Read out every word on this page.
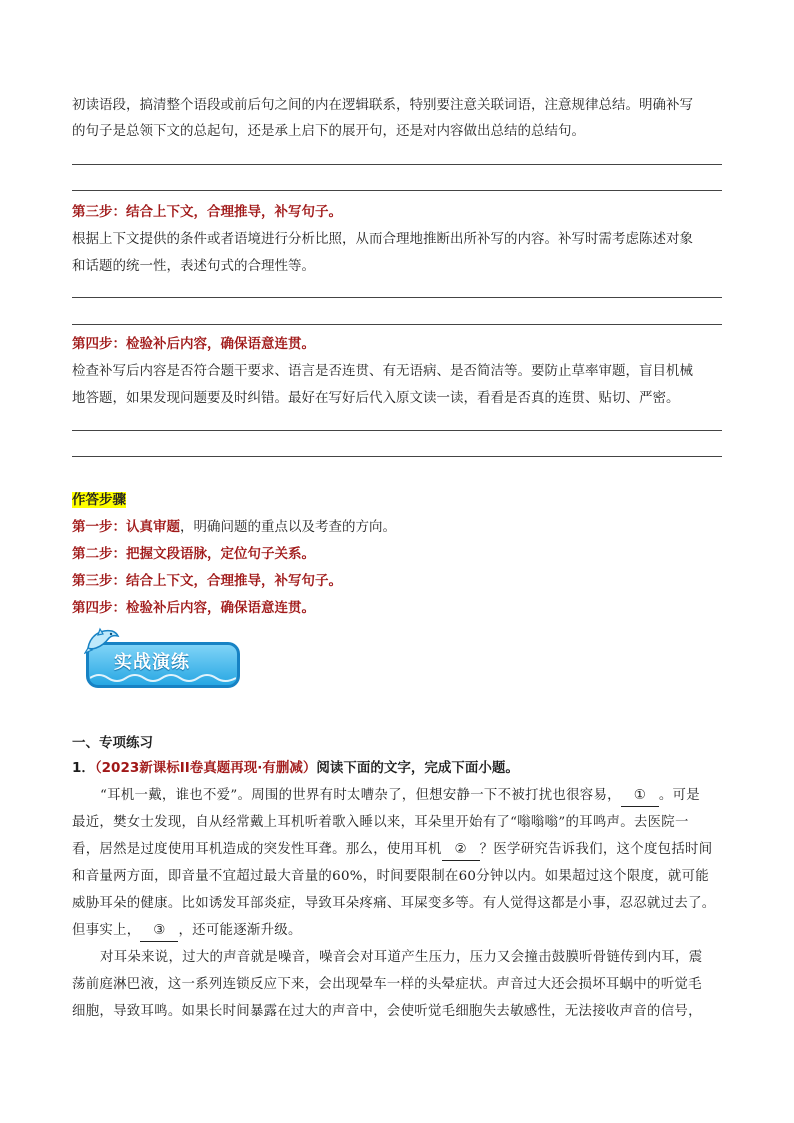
初读语段，搞清整个语段或前后句之间的内在逻辑联系，特别要注意关联词语，注意规律总结。明确补写
的句子是总领下文的总起句，还是承上启下的展开句，还是对内容做出总结的总结句。
第三步：结合上下文，合理推导，补写句子。
根据上下文提供的条件或者语境进行分析比照，从而合理地推断出所补写的内容。补写时需考虑陈述对象
和话题的统一性，表述句式的合理性等。
第四步：检验补后内容，确保语意连贯。
检查补写后内容是否符合题干要求、语言是否连贯、有无语病、是否简洁等。要防止草率审题，盲目机械
地答题，如果发现问题要及时纠错。最好在写好后代入原文读一读，看看是否真的连贯、贴切、严密。
作答步骤
第一步：认真审题，明确问题的重点以及考查的方向。
第二步：把握文段语脉，定位句子关系。
第三步：结合上下文，合理推导，补写句子。
第四步：检验补后内容，确保语意连贯。
实战演练
一、专项练习
1．（2023新课标II卷真题再现·有删减）阅读下面的文字，完成下面小题。
“耳机一戴，谁也不爱”。周围的世界有时太嘈杂了，但想安静一下不被打扰也很容易， ① 。可是
最近，樊女士发现，自从经常戴上耳机听着歌入睡以来，耳朵里开始有了“嗡嗡嗡”的耳鸣声。去医院一
看，居然是过度使用耳机造成的突发性耳聋。那么，使用耳机 ② ？医学研究告诉我们，这个度包括时间
和音量两方面，即音量不宜超过最大音量的60%，时间要限制在60分钟以内。如果超过这个限度，就可能
威胁耳朵的健康。比如诱发耳部炎症，导致耳朵疼痛、耳屎变多等。有人觉得这都是小事，忍忍就过去了。
但事实上， ③ ，还可能逐渐升级。
对耳朵来说，过大的声音就是噪音，噪音会对耳道产生压力，压力又会撞击鼓膜听骨链传到内耳，震
荡前庭淋巴液，这一系列连锁反应下来，会出现晕车一样的头晕症状。声音过大还会损坏耳蜗中的听觉毛
细胞，导致耳鸣。如果长时间暴露在过大的声音中，会使听觉毛细胞失去敏感性，无法接收声音的信号，
